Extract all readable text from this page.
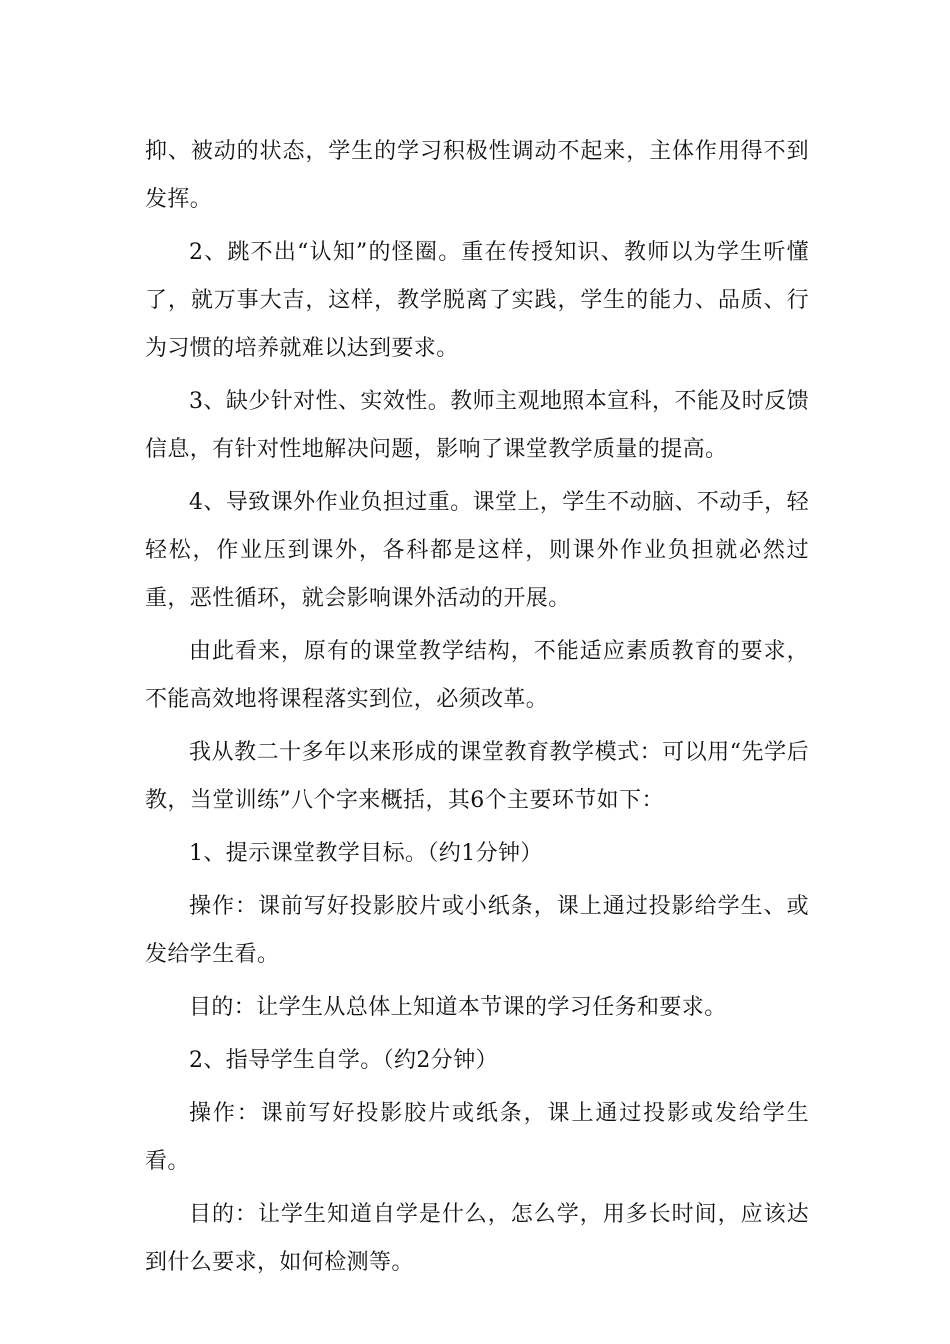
抑、被动的状态，学生的学习积极性调动不起来，主体作用得不到发挥。

2、跳不出“认知”的怪圈。重在传授知识、教师以为学生听懂了，就万事大吉，这样，教学脱离了实践，学生的能力、品质、行为习惯的培养就难以达到要求。

3、缺少针对性、实效性。教师主观地照本宣科，不能及时反馈信息，有针对性地解决问题，影响了课堂教学质量的提高。

4、导致课外作业负担过重。课堂上，学生不动脑、不动手，轻轻松，作业压到课外，各科都是这样，则课外作业负担就必然过重，恶性循环，就会影响课外活动的开展。

由此看来，原有的课堂教学结构，不能适应素质教育的要求，不能高效地将课程落实到位，必须改革。

我从教二十多年以来形成的课堂教育教学模式：可以用“先学后教，当堂训练”八个字来概括，其6个主要环节如下：

1、提示课堂教学目标。（约1分钟）

操作：课前写好投影胶片或小纸条，课上通过投影给学生、或发给学生看。

目的：让学生从总体上知道本节课的学习任务和要求。

2、指导学生自学。（约2分钟）

操作：课前写好投影胶片或纸条，课上通过投影或发给学生看。

目的：让学生知道自学是什么，怎么学，用多长时间，应该达到什么要求，如何检测等。
